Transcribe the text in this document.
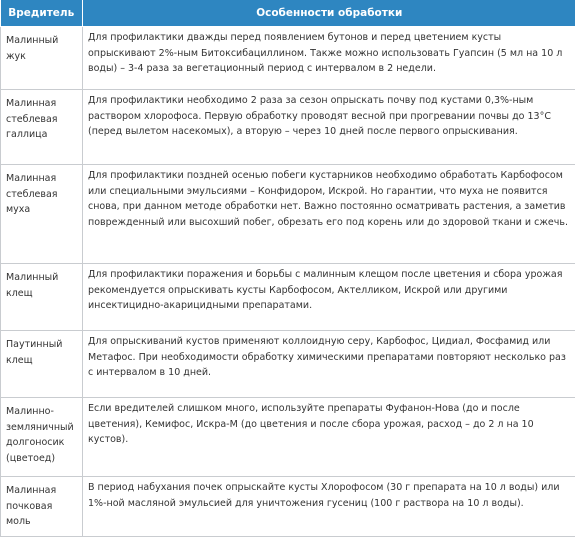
Вредитель	Особенности обработки
Малинный жук	Для профилактики дважды перед появлением бутонов и перед цветением кусты опрыскивают 2%-ным Битоксибациллином. Также можно использовать Гуапсин (5 мл на 10 л воды) – 3-4 раза за вегетационный период с интервалом в 2 недели.
Малинная стеблевая галлица	Для профилактики необходимо 2 раза за сезон опрыскать почву под кустами 0,3%-ным раствором хлорофоса. Первую обработку проводят весной при прогревании почвы до 13°С (перед вылетом насекомых), а вторую – через 10 дней после первого опрыскивания.
Малинная стеблевая муха	Для профилактики поздней осенью побеги кустарников необходимо обработать Карбофосом или специальными эмульсиями – Конфидором, Искрой. Но гарантии, что муха не появится снова, при данном методе обработки нет. Важно постоянно осматривать растения, а заметив поврежденный или высохший побег, обрезать его под корень или до здоровой ткани и сжечь.
Малинный клещ	Для профилактики поражения и борьбы с малинным клещом после цветения и сбора урожая рекомендуется опрыскивать кусты Карбофосом, Актелликом, Искрой или другими инсектицидно-акарицидными препаратами.
Паутинный клещ	Для опрыскиваний кустов применяют коллоидную серу, Карбофос, Цидиал, Фосфамид или Метафос. При необходимости обработку химическими препаратами повторяют несколько раз с интервалом в 10 дней.
Малинно-земляничный долгоносик (цветоед)	Если вредителей слишком много, используйте препараты Фуфанон-Нова (до и после цветения), Кемифос, Искра-М (до цветения и после сбора урожая, расход – до 2 л на 10 кустов).
Малинная почковая моль	В период набухания почек опрыскайте кусты Хлорофосом (30 г препарата на 10 л воды) или 1%-ной масляной эмульсией для уничтожения гусениц (100 г раствора на 10 л воды).
